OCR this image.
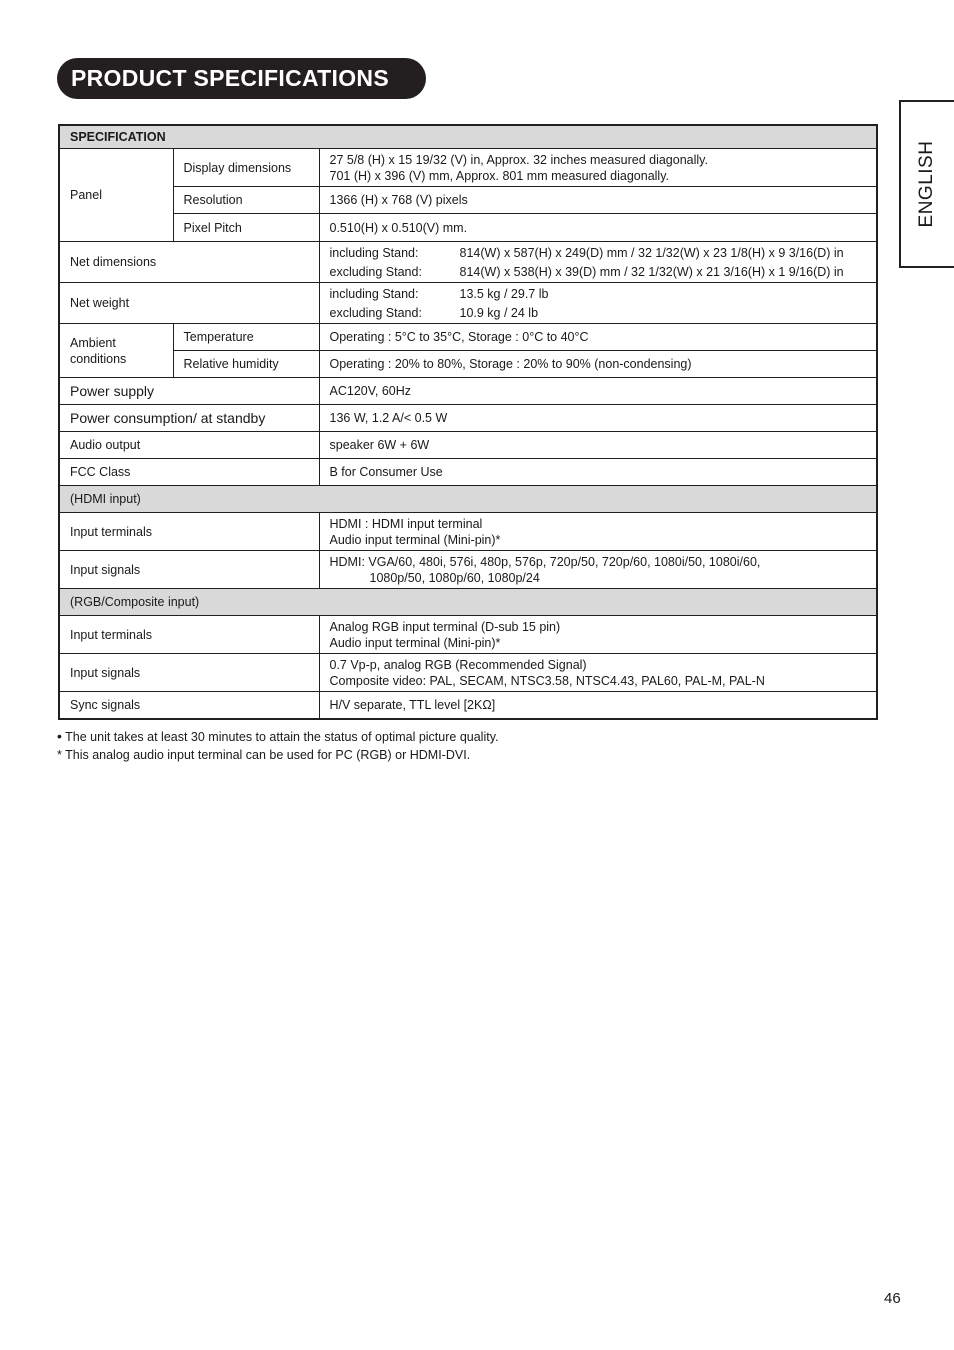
PRODUCT SPECIFICATIONS
ENGLISH
SPECIFICATION		
Panel	Display dimensions	27 5/8 (H) x 15 19/32 (V) in, Approx. 32 inches measured diagonally.
701 (H) x 396 (V) mm, Approx. 801 mm measured diagonally.

	Resolution	1366 (H) x 768 (V) pixels
	Pixel Pitch	0.510(H) x 0.510(V) mm.
Net dimensions		including Stand: 814(W) x 587(H) x 249(D) mm / 32 1/32(W) x 23 1/8(H) x 9 3/16(D) in
excluding Stand: 814(W) x 538(H) x 39(D) mm / 32 1/32(W) x 21 3/16(H) x 1 9/16(D) in

Net weight		including Stand: 13.5 kg / 29.7 lb
excluding Stand: 10.9 kg / 24 lb

Ambient
conditions	Temperature	Operating : 5°C to 35°C, Storage : 0°C to 40°C
	Relative humidity	Operating : 20% to 80%, Storage : 20% to 90% (non-condensing)
Power supply		AC120V, 60Hz
Power consumption/ at standby		136 W, 1.2 A/< 0.5 W
Audio output		speaker 6W + 6W
FCC Class		B for Consumer Use
(HDMI input)		
Input terminals		HDMI : HDMI input terminal
Audio input terminal (Mini-pin)*

Input signals		HDMI: VGA/60, 480i, 576i, 480p, 576p, 720p/50, 720p/60, 1080i/50, 1080i/60,
1080p/50, 1080p/60, 1080p/24

(RGB/Composite input)		
Input terminals		Analog RGB input terminal (D-sub 15 pin)
Audio input terminal (Mini-pin)*

Input signals		0.7 Vp-p, analog RGB (Recommended Signal)
Composite video: PAL, SECAM, NTSC3.58, NTSC4.43, PAL60, PAL-M, PAL-N

Sync signals		H/V separate, TTL level [2KΩ]
• The unit takes at least 30 minutes to attain the status of optimal picture quality.
* This analog audio input terminal can be used for PC (RGB) or HDMI-DVI.
46
